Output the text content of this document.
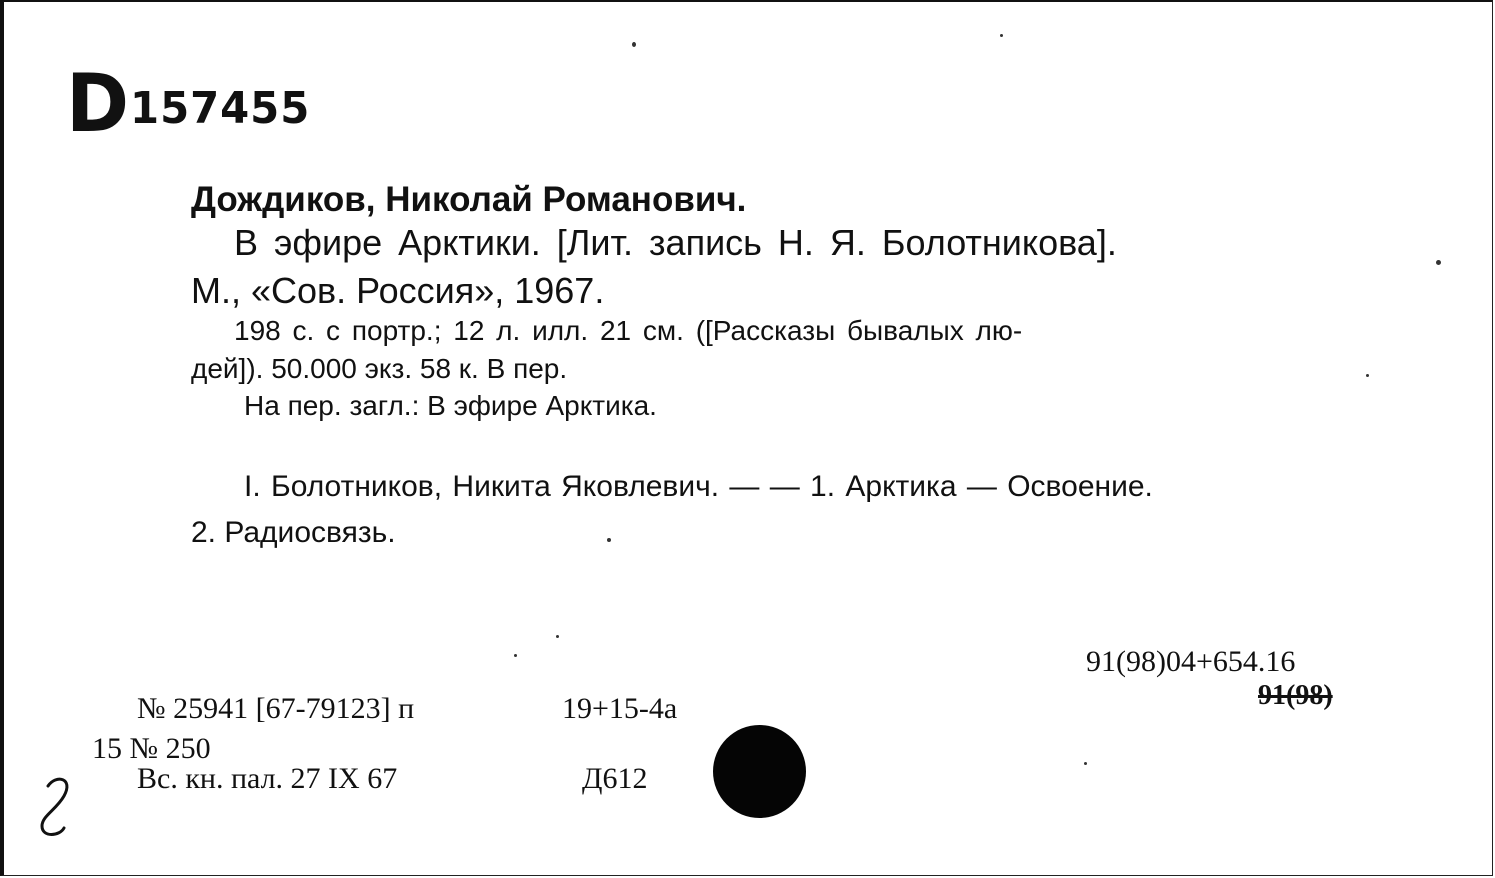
D157455
Дождиков, Николай Романович.
В эфире Арктики. [Лит. запись Н. Я. Болотникова].
М., «Сов. Россия», 1967.
198 с. с портр.; 12 л. илл. 21 см. ([Рассказы бывалых лю-
дей]). 50.000 экз. 58 к. В пер.
На пер. загл.: В эфире Арктика.
I. Болотников, Никита Яковлевич. — — 1. Арктика — Освоение.
2. Радиосвязь.
91(98)04+654.16
91(98)
№ 25941 [67-79123] п	19+15-4a
15 № 250
Вс. кн. пал. 27 IX 67	Д612
